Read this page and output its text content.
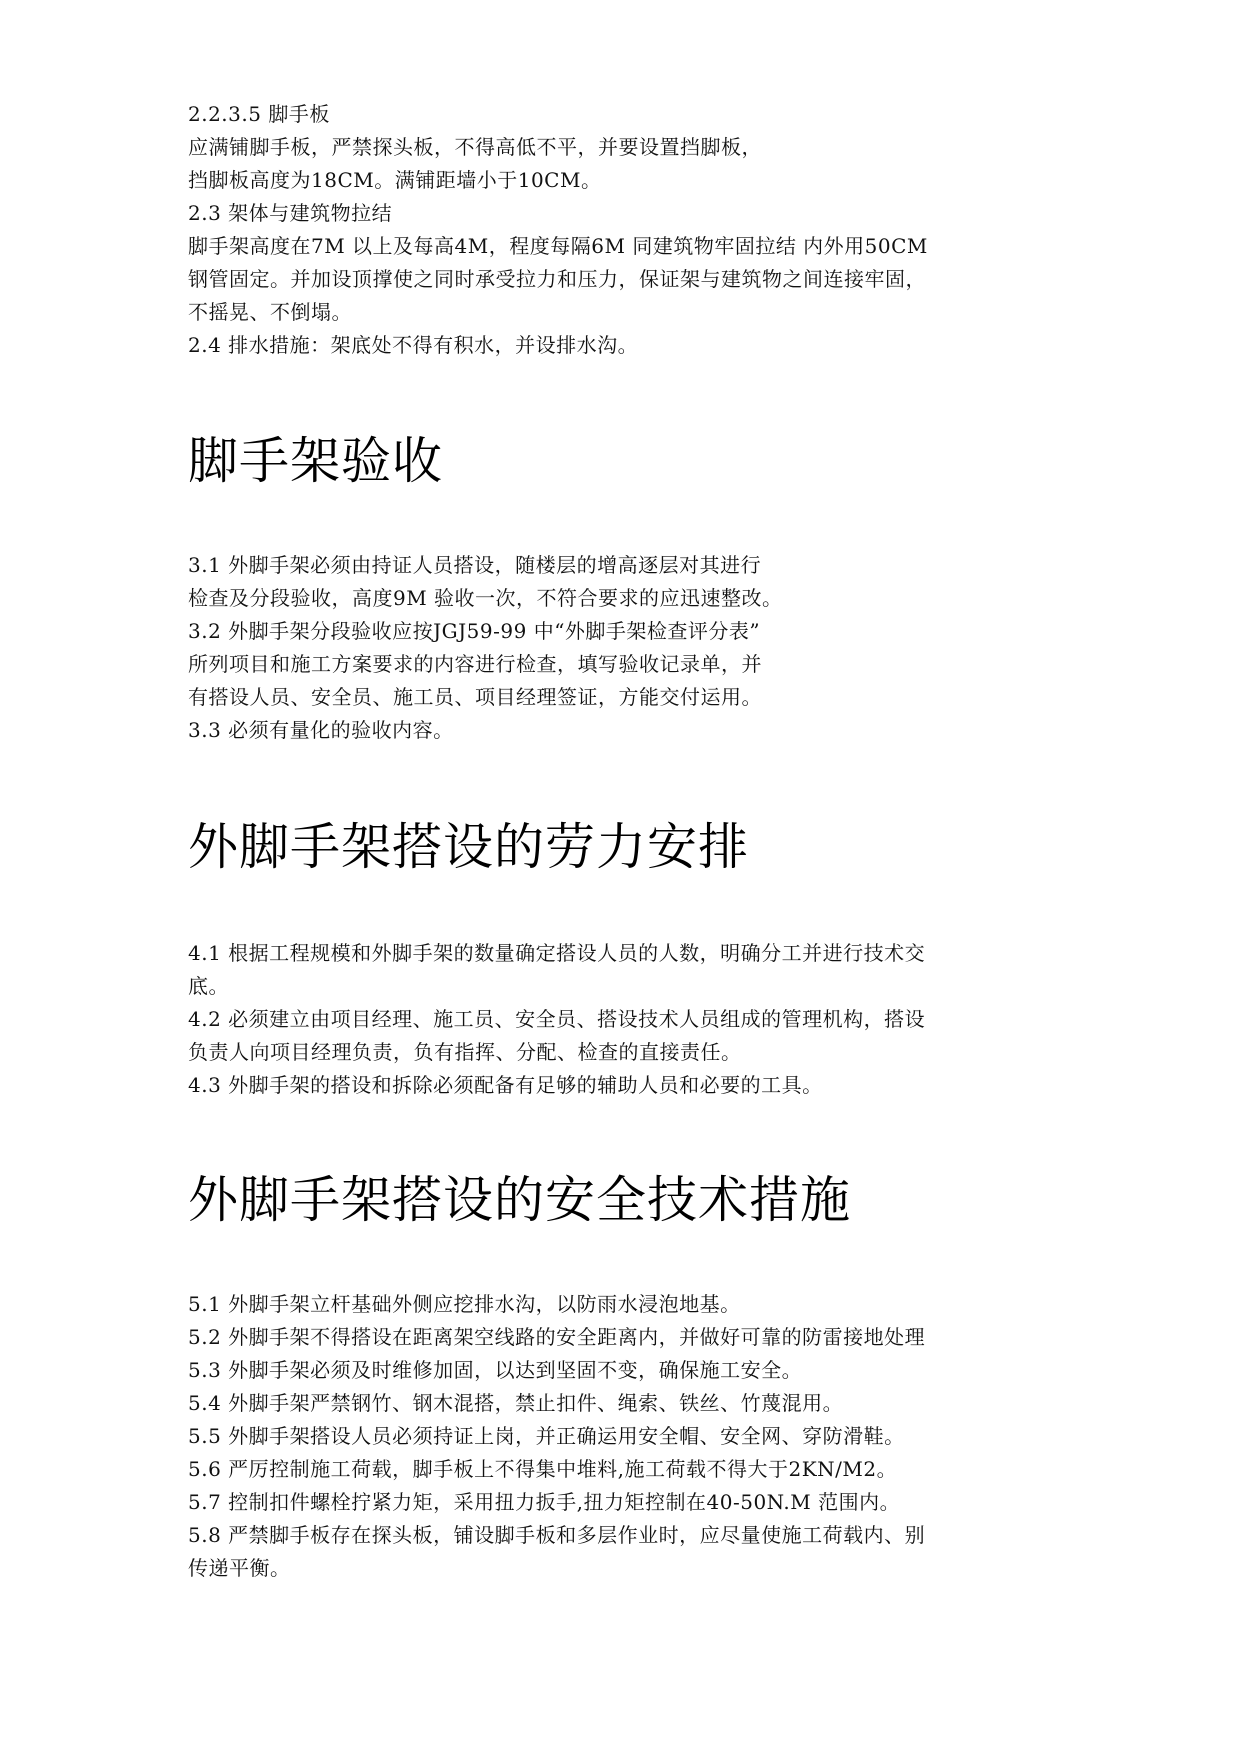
2.2.3.5 脚手板
应满铺脚手板，严禁探头板，不得高低不平，并要设置挡脚板，
挡脚板高度为18CM。满铺距墙小于10CM。
2.3 架体与建筑物拉结
脚手架高度在7M 以上及每高4M，程度每隔6M 同建筑物牢固拉结 内外用50CM
钢管固定。并加设顶撑使之同时承受拉力和压力，保证架与建筑物之间连接牢固，
不摇晃、不倒塌。
2.4 排水措施：架底处不得有积水，并设排水沟。
脚手架验收
3.1 外脚手架必须由持证人员搭设，随楼层的增高逐层对其进行
检查及分段验收，高度9M 验收一次，不符合要求的应迅速整改。
3.2 外脚手架分段验收应按JGJ59-99 中“外脚手架检查评分表”
所列项目和施工方案要求的内容进行检查，填写验收记录单，并
有搭设人员、安全员、施工员、项目经理签证，方能交付运用。
3.3 必须有量化的验收内容。
外脚手架搭设的劳力安排
4.1 根据工程规模和外脚手架的数量确定搭设人员的人数，明确分工并进行技术交
底。
4.2 必须建立由项目经理、施工员、安全员、搭设技术人员组成的管理机构，搭设
负责人向项目经理负责，负有指挥、分配、检查的直接责任。
4.3 外脚手架的搭设和拆除必须配备有足够的辅助人员和必要的工具。
外脚手架搭设的安全技术措施
5.1 外脚手架立杆基础外侧应挖排水沟，以防雨水浸泡地基。
5.2 外脚手架不得搭设在距离架空线路的安全距离内，并做好可靠的防雷接地处理
5.3 外脚手架必须及时维修加固，以达到坚固不变，确保施工安全。
5.4 外脚手架严禁钢竹、钢木混搭，禁止扣件、绳索、铁丝、竹蔑混用。
5.5 外脚手架搭设人员必须持证上岗，并正确运用安全帽、安全网、穿防滑鞋。
5.6 严厉控制施工荷载，脚手板上不得集中堆料,施工荷载不得大于2KN/M2。
5.7 控制扣件螺栓拧紧力矩，采用扭力扳手,扭力矩控制在40-50N.M 范围内。
5.8 严禁脚手板存在探头板，铺设脚手板和多层作业时，应尽量使施工荷载内、别
传递平衡。
